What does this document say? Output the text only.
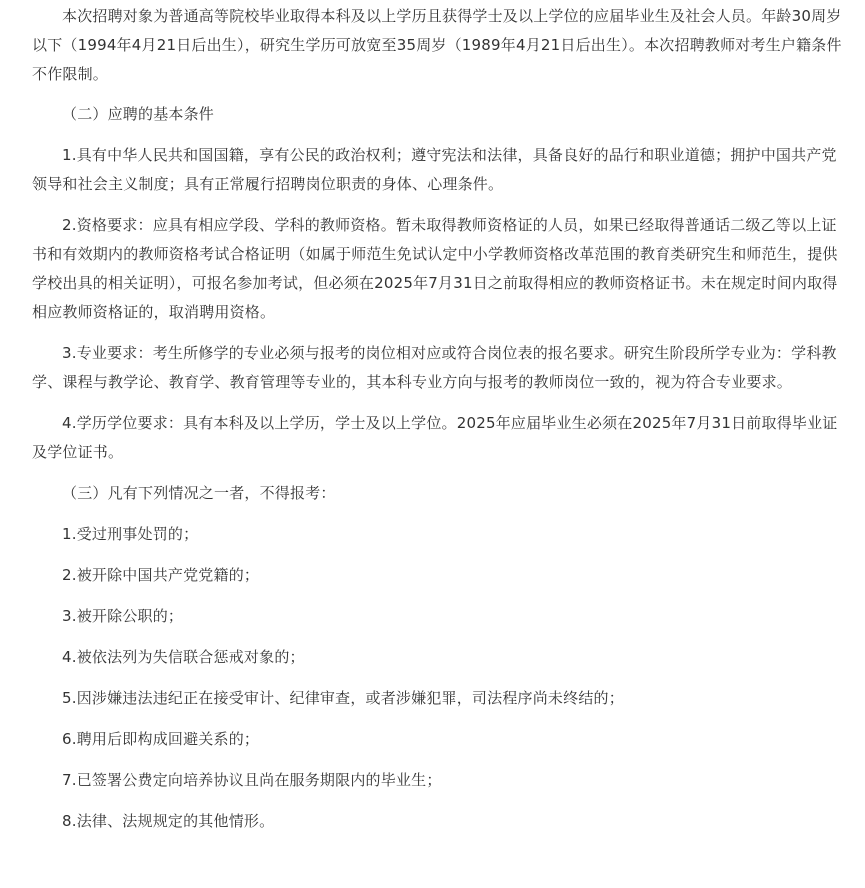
本次招聘对象为普通高等院校毕业取得本科及以上学历且获得学士及以上学位的应届毕业生及社会人员。年龄30周岁以下（1994年4月21日后出生），研究生学历可放宽至35周岁（1989年4月21日后出生）。本次招聘教师对考生户籍条件不作限制。

（二）应聘的基本条件

1.具有中华人民共和国国籍，享有公民的政治权利；遵守宪法和法律，具备良好的品行和职业道德；拥护中国共产党领导和社会主义制度；具有正常履行招聘岗位职责的身体、心理条件。

2.资格要求：应具有相应学段、学科的教师资格。暂未取得教师资格证的人员，如果已经取得普通话二级乙等以上证书和有效期内的教师资格考试合格证明（如属于师范生免试认定中小学教师资格改革范围的教育类研究生和师范生，提供学校出具的相关证明），可报名参加考试，但必须在2025年7月31日之前取得相应的教师资格证书。未在规定时间内取得相应教师资格证的，取消聘用资格。

3.专业要求：考生所修学的专业必须与报考的岗位相对应或符合岗位表的报名要求。研究生阶段所学专业为：学科教学、课程与教学论、教育学、教育管理等专业的，其本科专业方向与报考的教师岗位一致的，视为符合专业要求。

4.学历学位要求：具有本科及以上学历，学士及以上学位。2025年应届毕业生必须在2025年7月31日前取得毕业证及学位证书。

（三）凡有下列情况之一者，不得报考：

1.受过刑事处罚的；

2.被开除中国共产党党籍的；

3.被开除公职的；

4.被依法列为失信联合惩戒对象的；

5.因涉嫌违法违纪正在接受审计、纪律审查，或者涉嫌犯罪，司法程序尚未终结的；

6.聘用后即构成回避关系的；

7.已签署公费定向培养协议且尚在服务期限内的毕业生；

8.法律、法规规定的其他情形。
